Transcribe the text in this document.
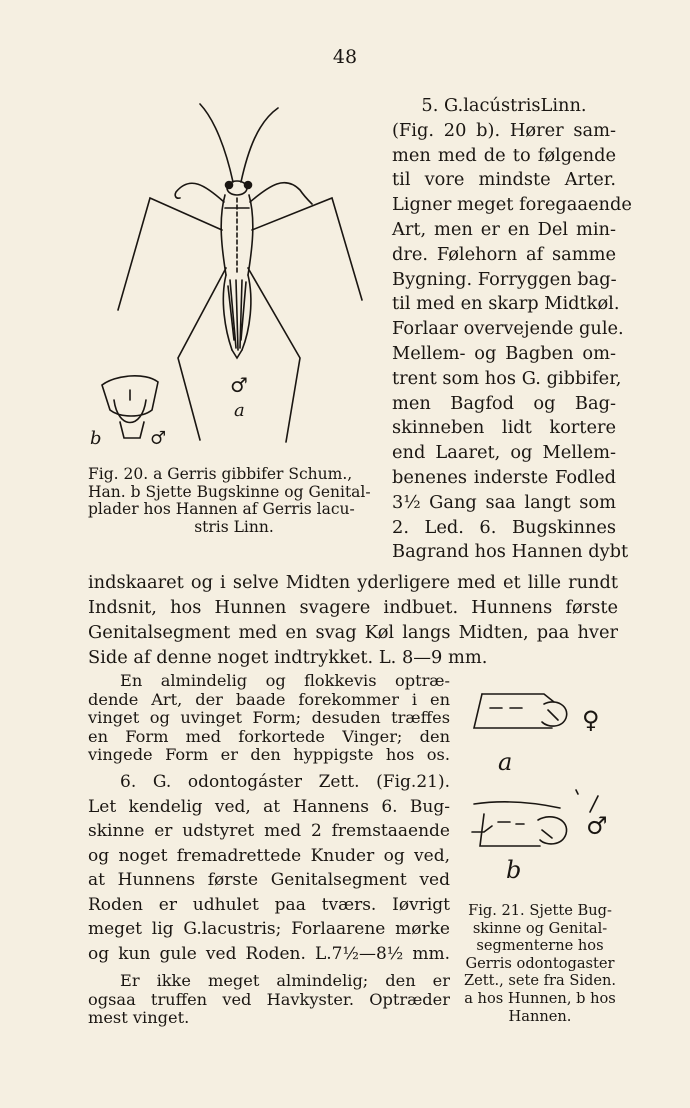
48
♂
a
b	♂
Fig. 20. a Gerris gibbifer Schum.,
Han. b Sjette Bugskinne og Genital-
plader hos Hannen af Gerris lacu-
stris Linn.
5. G.lacústrisLinn.
(Fig. 20 b). Hører sam-
men med de to følgende
til vore mindste Arter.
Ligner meget foregaaende
Art, men er en Del min-
dre. Følehorn af samme
Bygning. Forryggen bag-
til med en skarp Midtkøl.
Forlaar overvejende gule.
Mellem- og Bagben om-
trent som hos G. gibbifer,
men Bagfod og Bag-
skinneben lidt kortere
end Laaret, og Mellem-
benenes inderste Fodled
3½ Gang saa langt som
2. Led. 6. Bugskinnes
Bagrand hos Hannen dybt
indskaaret og i selve Midten yderligere med et lille rundt
Indsnit, hos Hunnen svagere indbuet. Hunnens første
Genitalsegment med en svag Køl langs Midten, paa hver
Side af denne noget indtrykket. L. 8—9 mm.
En almindelig og flokkevis optræ-
dende Art, der baade forekommer i en
vinget og uvinget Form; desuden træffes
en Form med forkortede Vinger; den
vingede Form er den hyppigste hos os.
6. G. odontogáster Zett. (Fig.21).
Let kendelig ved, at Hannens 6. Bug-
skinne er udstyret med 2 fremstaaende
og noget fremadrettede Knuder og ved,
at Hunnens første Genitalsegment ved
Roden er udhulet paa tværs. Iøvrigt
meget lig G.lacustris; Forlaarene mørke
og kun gule ved Roden. L.7½—8½ mm.
Er ikke meget almindelig; den er
ogsaa truffen ved Havkyster. Optræder
mest vinget.
♀
a
♂
b
Fig. 21. Sjette Bug-
skinne og Genital-
segmenterne hos
Gerris odontogaster
Zett., sete fra Siden.
a hos Hunnen, b hos
Hannen.
